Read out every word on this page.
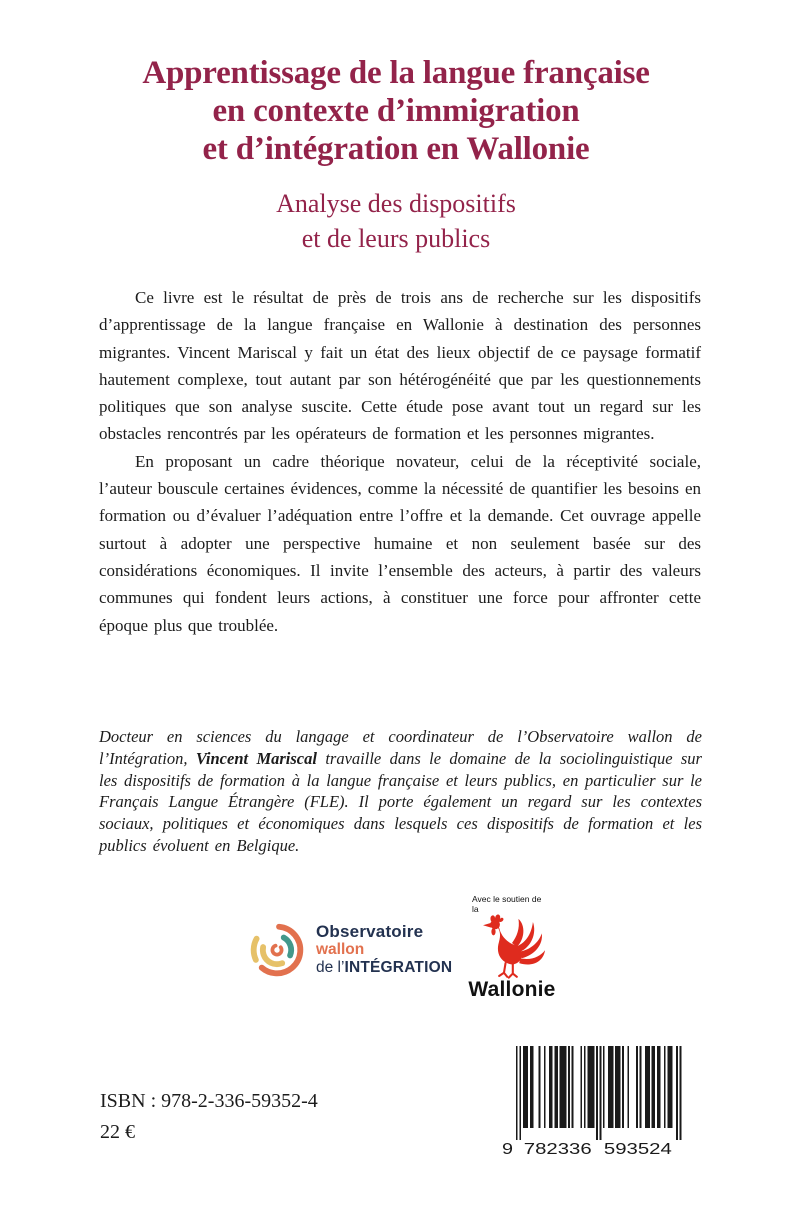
Apprentissage de la langue française
en contexte d’immigration
et d’intégration en Wallonie
Analyse des dispositifs
et de leurs publics

Ce livre est le résultat de près de trois ans de recherche sur les dispositifs d’apprentissage de la langue française en Wallonie à destination des personnes migrantes. Vincent Mariscal y fait un état des lieux objectif de ce paysage formatif hautement complexe, tout autant par son hétérogénéité que par les questionnements politiques que son analyse suscite. Cette étude pose avant tout un regard sur les obstacles rencontrés par les opérateurs de formation et les personnes migrantes.

En proposant un cadre théorique novateur, celui de la réceptivité sociale, l’auteur bouscule certaines évidences, comme la nécessité de quantifier les besoins en formation ou d’évaluer l’adéquation entre l’offre et la demande. Cet ouvrage appelle surtout à adopter une perspective humaine et non seulement basée sur des considérations économiques. Il invite l’ensemble des acteurs, à partir des valeurs communes qui fondent leurs actions, à constituer une force pour affronter cette époque plus que troublée.

Docteur en sciences du langage et coordinateur de l’Observatoire wallon de l’Intégration, Vincent Mariscal travaille dans le domaine de la sociolinguistique sur les dispositifs de formation à la langue française et leurs publics, en particulier sur le Français Langue Étrangère (FLE). Il porte également un regard sur les contextes sociaux, politiques et économiques dans lesquels ces dispositifs de formation et les publics évoluent en Belgique.

Observatoire
wallon
de l’INTÉGRATION
Avec le soutien de
la
Wallonie
ISBN : 978-2-336-59352-4
22 €
9 782336 593524
